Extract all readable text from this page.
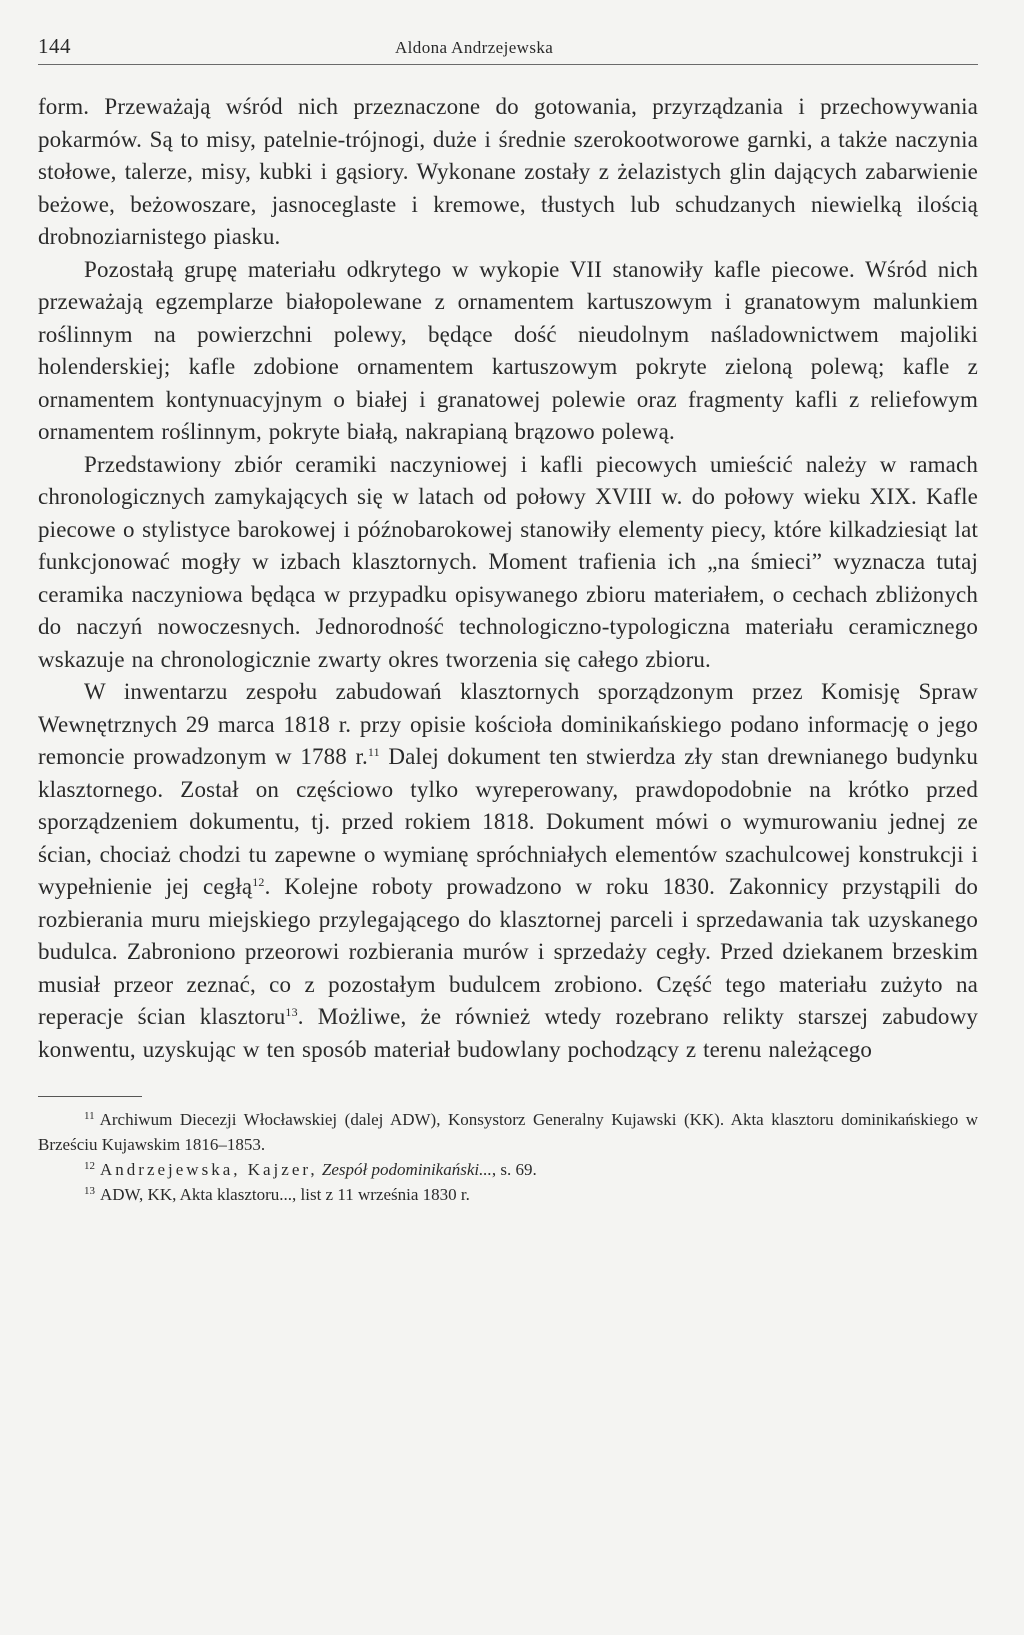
144	Aldona Andrzejewska

form. Przeważają wśród nich przeznaczone do gotowania, przyrządzania i przechowywania pokarmów. Są to misy, patelnie-trójnogi, duże i średnie szerokootworowe garnki, a także naczynia stołowe, talerze, misy, kubki i gąsiory. Wykonane zostały z żelazistych glin dających zabarwienie beżowe, beżowoszare, jasnoceglaste i kremowe, tłustych lub schudzanych niewielką ilością drobnoziarnistego piasku.

Pozostałą grupę materiału odkrytego w wykopie VII stanowiły kafle piecowe. Wśród nich przeważają egzemplarze białopolewane z ornamentem kartuszowym i granatowym malunkiem roślinnym na powierzchni polewy, będące dość nieudolnym naśladownictwem majoliki holenderskiej; kafle zdobione ornamentem kartuszowym pokryte zieloną polewą; kafle z ornamentem kontynuacyjnym o białej i granatowej polewie oraz fragmenty kafli z reliefowym ornamentem roślinnym, pokryte białą, nakrapianą brązowo polewą.

Przedstawiony zbiór ceramiki naczyniowej i kafli piecowych umieścić należy w ramach chronologicznych zamykających się w latach od połowy XVIII w. do połowy wieku XIX. Kafle piecowe o stylistyce barokowej i późnobarokowej stanowiły elementy piecy, które kilkadziesiąt lat funkcjonować mogły w izbach klasztornych. Moment trafienia ich „na śmieci” wyznacza tutaj ceramika naczyniowa będąca w przypadku opisywanego zbioru materiałem, o cechach zbliżonych do naczyń nowoczesnych. Jednorodność technologiczno-typologiczna materiału ceramicznego wskazuje na chronologicznie zwarty okres tworzenia się całego zbioru.

W inwentarzu zespołu zabudowań klasztornych sporządzonym przez Komisję Spraw Wewnętrznych 29 marca 1818 r. przy opisie kościoła dominikańskiego podano informację o jego remoncie prowadzonym w 1788 r.$^{11}$ Dalej dokument ten stwierdza zły stan drewnianego budynku klasztornego. Został on częściowo tylko wyreperowany, prawdopodobnie na krótko przed sporządzeniem dokumentu, tj. przed rokiem 1818. Dokument mówi o wymurowaniu jednej ze ścian, chociaż chodzi tu zapewne o wymianę spróchniałych elementów szachulcowej konstrukcji i wypełnienie jej cegłą$^{12}$. Kolejne roboty prowadzono w roku 1830. Zakonnicy przystąpili do rozbierania muru miejskiego przylegającego do klasztornej parceli i sprzedawania tak uzyskanego budulca. Zabroniono przeorowi rozbierania murów i sprzedaży cegły. Przed dziekanem brzeskim musiał przeor zeznać, co z pozostałym budulcem zrobiono. Część tego materiału zużyto na reperacje ścian klasztoru$^{13}$. Możliwe, że również wtedy rozebrano relikty starszej zabudowy konwentu, uzyskując w ten sposób materiał budowlany pochodzący z terenu należącego

$^{11}$ Archiwum Diecezji Włocławskiej (dalej ADW), Konsystorz Generalny Kujawski (KK). Akta klasztoru dominikańskiego w Brześciu Kujawskim 1816–1853.

$^{12}$ Andrzejewska, Kajzer, Zespół podominikański..., s. 69.

$^{13}$ ADW, KK, Akta klasztoru..., list z 11 września 1830 r.
